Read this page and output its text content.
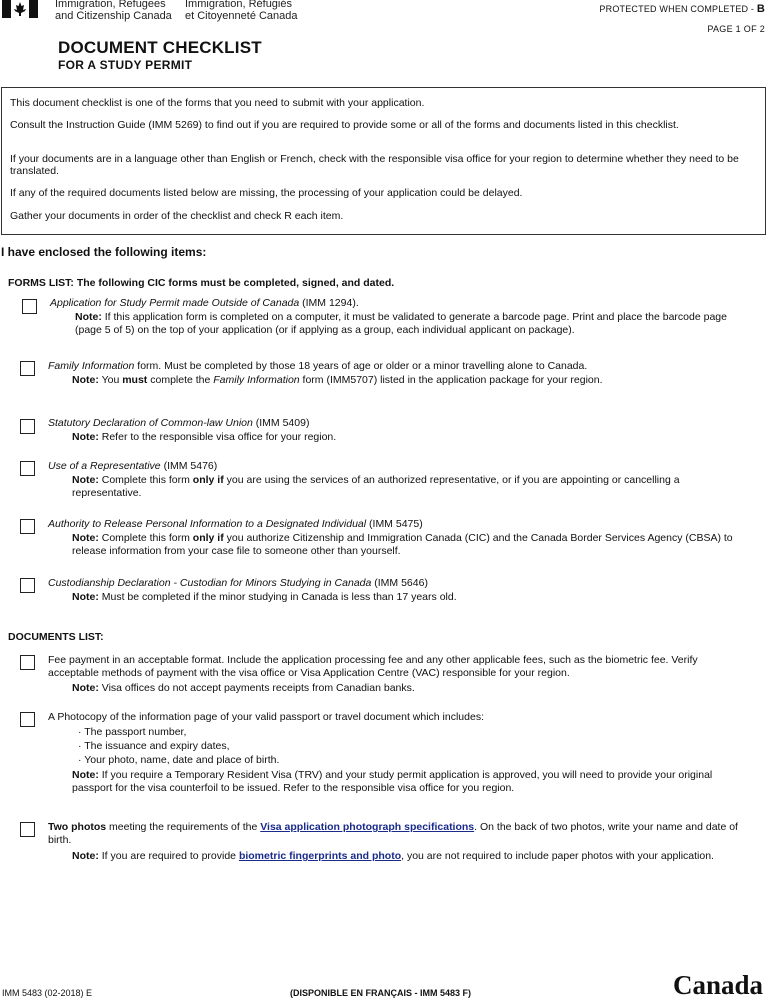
Immigration, Refugees
and Citizenship Canada
Immigration, Réfugiés
et Citoyenneté Canada
PROTECTED WHEN COMPLETED - B
PAGE 1 OF 2
DOCUMENT CHECKLIST
FOR A STUDY PERMIT

This document checklist is one of the forms that you need to submit with your application.

Consult the Instruction Guide (IMM 5269) to find out if you are required to provide some or all of the forms and documents listed in this checklist.

If your documents are in a language other than English or French, check with the responsible visa office for your region to determine whether they need to be translated.

If any of the required documents listed below are missing, the processing of your application could be delayed.

Gather your documents in order of the checklist and check R each item.

I have enclosed the following items:
FORMS LIST: The following CIC forms must be completed, signed, and dated.
Application for Study Permit made Outside of Canada (IMM 1294).
Note: If this application form is completed on a computer, it must be validated to generate a barcode page. Print and place the barcode page (page 5 of 5) on the top of your application (or if applying as a group, each individual applicant on package).
Family Information form. Must be completed by those 18 years of age or older or a minor travelling alone to Canada.
Note: You must complete the Family Information form (IMM5707) listed in the application package for your region.
Statutory Declaration of Common-law Union (IMM 5409)
Note: Refer to the responsible visa office for your region.
Use of a Representative (IMM 5476)
Note: Complete this form only if you are using the services of an authorized representative, or if you are appointing or cancelling a representative.
Authority to Release Personal Information to a Designated Individual (IMM 5475)
Note: Complete this form only if you authorize Citizenship and Immigration Canada (CIC) and the Canada Border Services Agency (CBSA) to release information from your case file to someone other than yourself.
Custodianship Declaration - Custodian for Minors Studying in Canada (IMM 5646)
Note: Must be completed if the minor studying in Canada is less than 17 years old.
DOCUMENTS LIST:
Fee payment in an acceptable format. Include the application processing fee and any other applicable fees, such as the biometric fee. Verify acceptable methods of payment with the visa office or Visa Application Centre (VAC) responsible for your region.
Note: Visa offices do not accept payments receipts from Canadian banks.
A Photocopy of the information page of your valid passport or travel document which includes:
· The passport number,
· The issuance and expiry dates,
· Your photo, name, date and place of birth.
Note: If you require a Temporary Resident Visa (TRV) and your study permit application is approved, you will need to provide your original passport for the visa counterfoil to be issued. Refer to the responsible visa office for you region.
Two photos meeting the requirements of the Visa application photograph specifications. On the back of two photos, write your name and date of birth.
Note: If you are required to provide biometric fingerprints and photo, you are not required to include paper photos with your application.
IMM 5483 (02-2018) E	(DISPONIBLE EN FRANÇAIS - IMM 5483 F)	Canada
